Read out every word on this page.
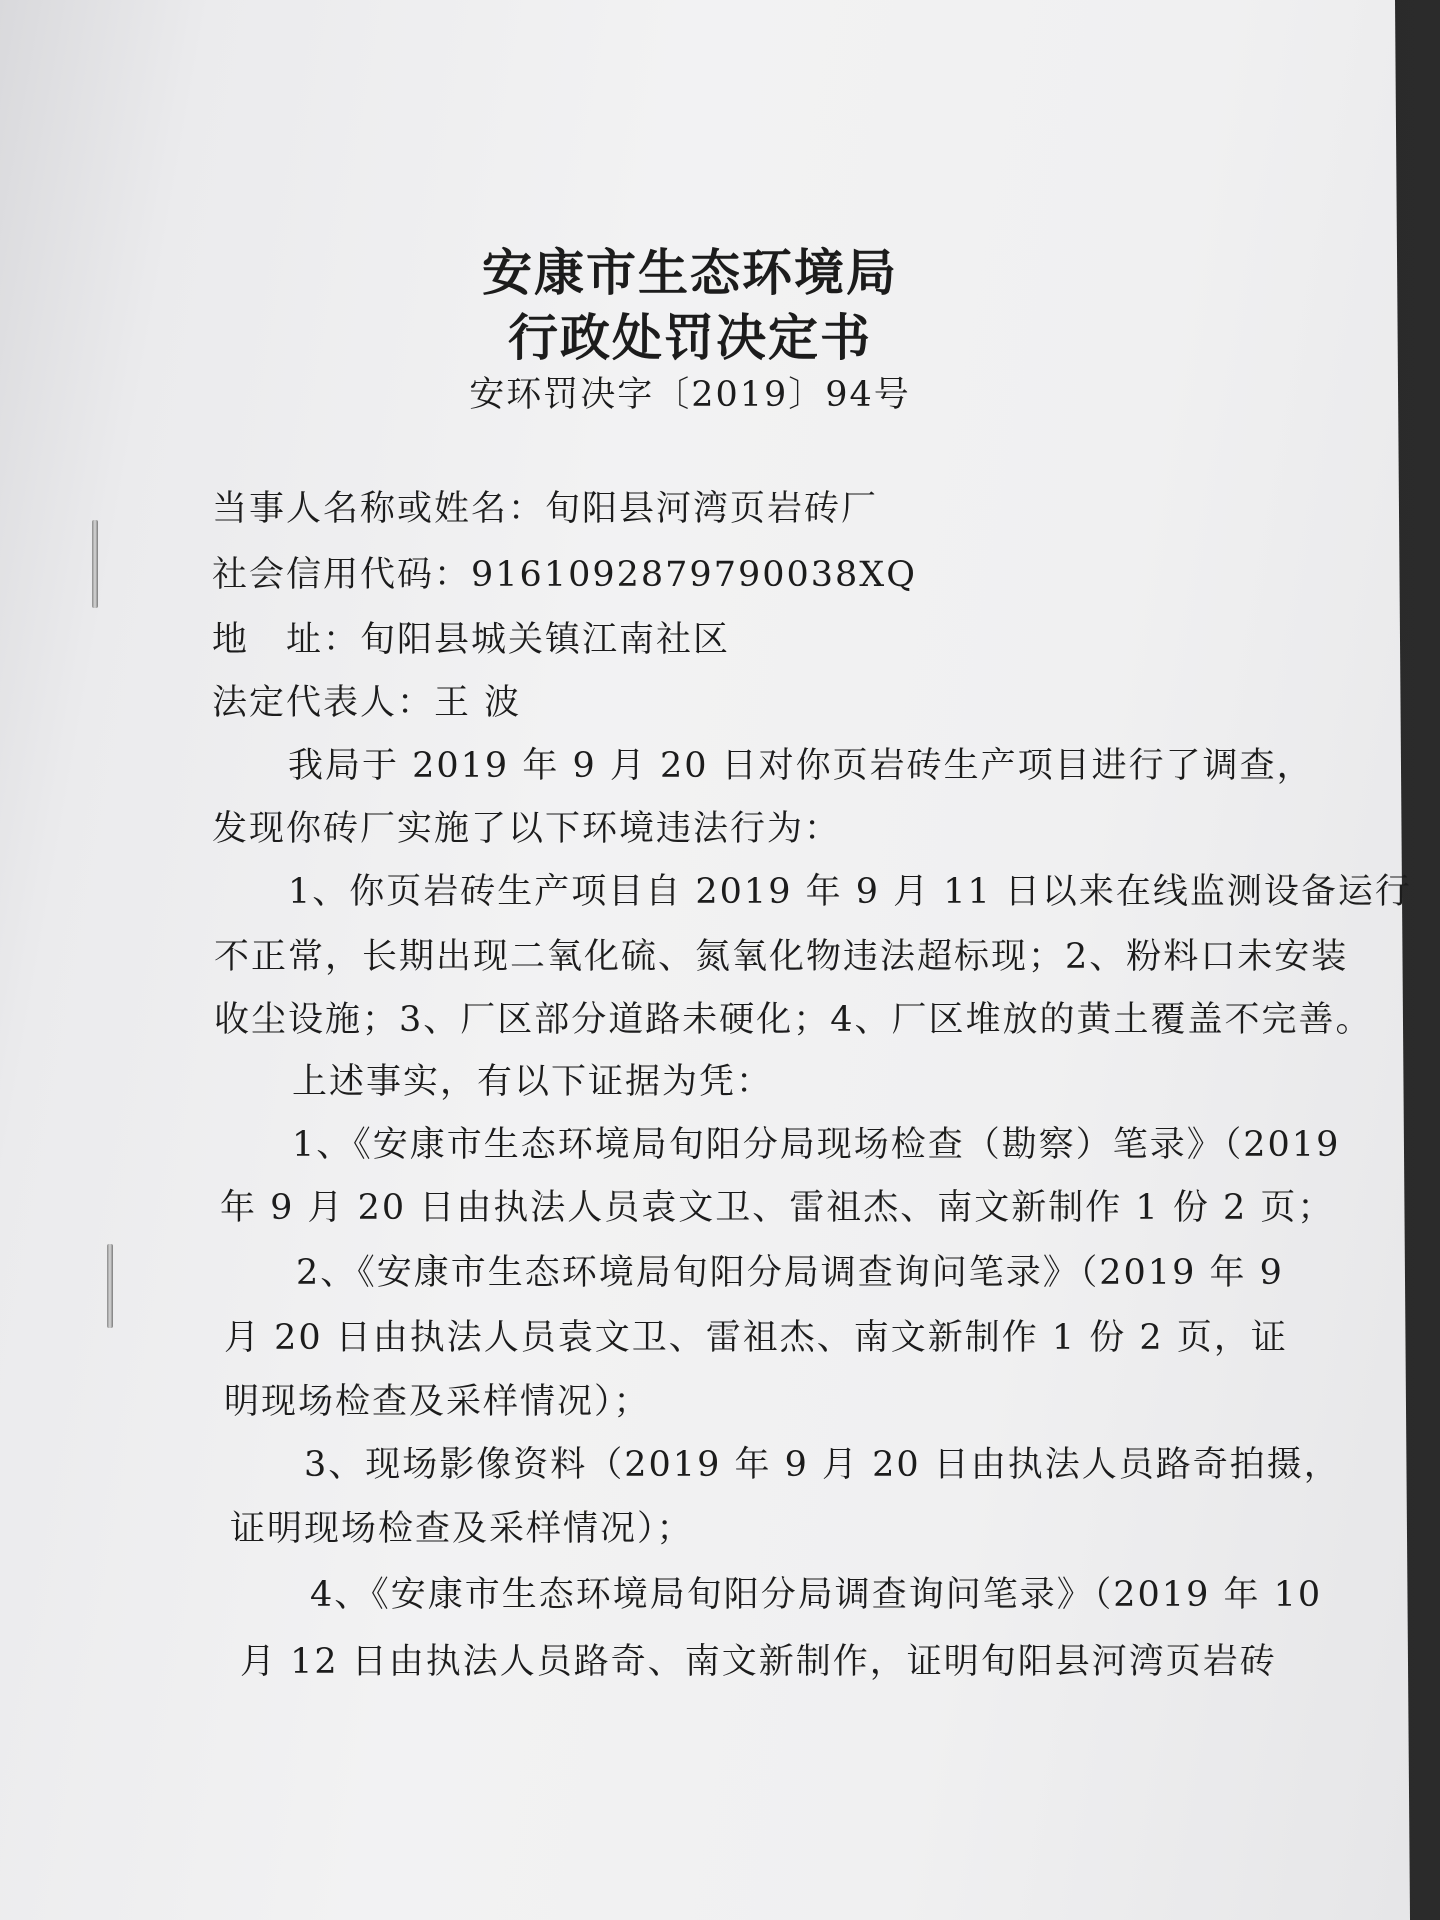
安康市生态环境局
行政处罚决定书
安环罚决字〔2019〕94号
当事人名称或姓名：旬阳县河湾页岩砖厂
社会信用代码：9161092879790038XQ
地　址：旬阳县城关镇江南社区
法定代表人：王 波
我局于 2019 年 9 月 20 日对你页岩砖生产项目进行了调查，
发现你砖厂实施了以下环境违法行为：
1、你页岩砖生产项目自 2019 年 9 月 11 日以来在线监测设备运行
不正常，长期出现二氧化硫、氮氧化物违法超标现；2、粉料口未安装
收尘设施；3、厂区部分道路未硬化；4、厂区堆放的黄土覆盖不完善。
上述事实，有以下证据为凭：
1、《安康市生态环境局旬阳分局现场检查（勘察）笔录》（2019
年 9 月 20 日由执法人员袁文卫、雷祖杰、南文新制作 1 份 2 页；
2、《安康市生态环境局旬阳分局调查询问笔录》（2019 年 9
月 20 日由执法人员袁文卫、雷祖杰、南文新制作 1 份 2 页，证
明现场检查及采样情况）；
3、现场影像资料（2019 年 9 月 20 日由执法人员路奇拍摄，
证明现场检查及采样情况）；
4、《安康市生态环境局旬阳分局调查询问笔录》（2019 年 10
月 12 日由执法人员路奇、南文新制作，证明旬阳县河湾页岩砖
